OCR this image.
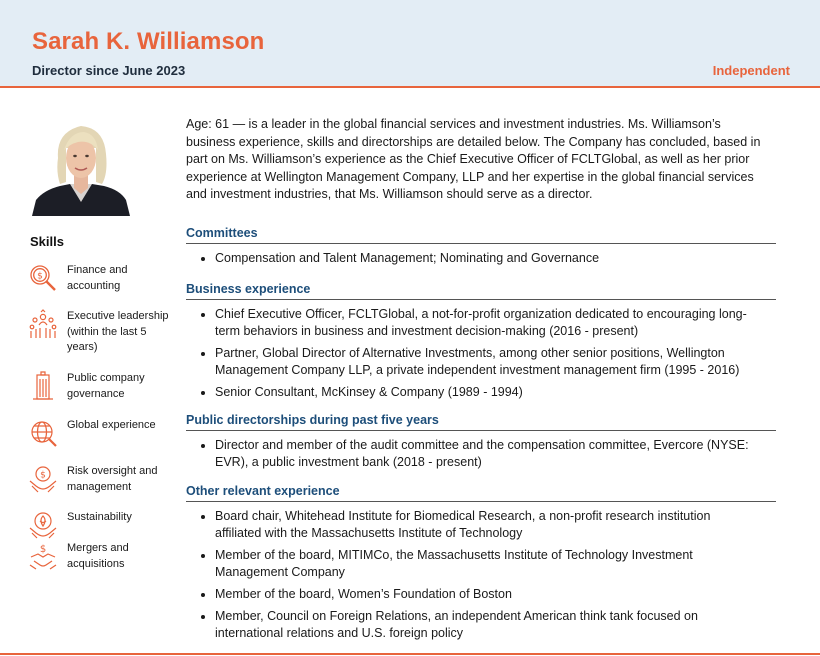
Sarah K. Williamson
Director since June 2023	Independent
Skills
$
Finance and accounting
Executive leadership (within the last 5 years)
Public company governance
Global experience
$ Risk oversight and management
Sustainability
$ Mergers and acquisitions
Age: 61 — is a leader in the global financial services and investment industries. Ms. Williamson’s business experience, skills and directorships are detailed below. The Company has concluded, based in part on Ms. Williamson’s experience as the Chief Executive Officer of FCLTGlobal, as well as her prior experience at Wellington Management Company, LLP and her expertise in the global financial services and investment industries, that Ms. Williamson should serve as a director.
Committees
Compensation and Talent Management; Nominating and Governance
Business experience
Chief Executive Officer, FCLTGlobal, a not-for-profit organization dedicated to encouraging long-term behaviors in business and investment decision-making (2016 - present)
Partner, Global Director of Alternative Investments, among other senior positions, Wellington Management Company LLP, a private independent investment management firm (1995 - 2016)
Senior Consultant, McKinsey & Company (1989 - 1994)
Public directorships during past five years
Director and member of the audit committee and the compensation committee, Evercore (NYSE: EVR), a public investment bank (2018 - present)
Other relevant experience
Board chair, Whitehead Institute for Biomedical Research, a non-profit research institution affiliated with the Massachusetts Institute of Technology
Member of the board, MITIMCo, the Massachusetts Institute of Technology Investment Management Company
Member of the board, Women’s Foundation of Boston
Member, Council on Foreign Relations, an independent American think tank focused on international relations and U.S. foreign policy
